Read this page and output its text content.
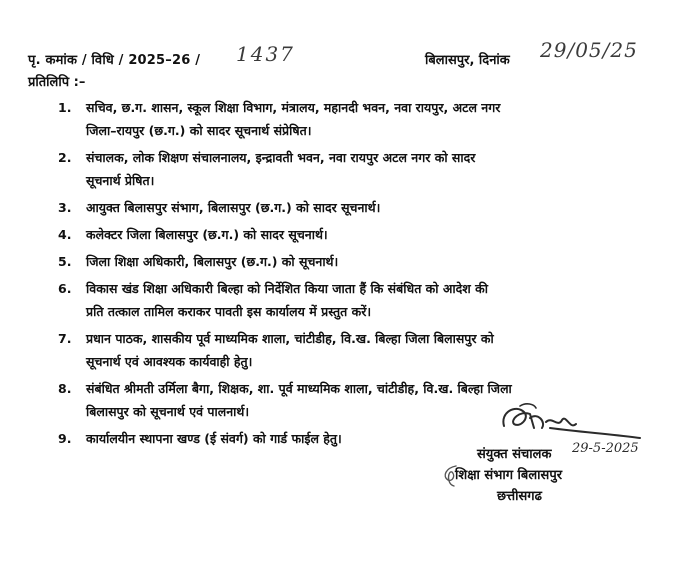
पृ. कमांक / विधि / 2025–26 / 1437	बिलासपुर, दिनांक 29/05/25
प्रतिलिपि :–
1.	सचिव, छ.ग. शासन, स्कूल शिक्षा विभाग, मंत्रालय, महानदी भवन, नवा रायपुर, अटल नगर
जिला–रायपुर (छ.ग.) को सादर सूचनार्थ संप्रेषित।
2.	संचालक, लोक शिक्षण संचालनालय, इन्द्रावती भवन, नवा रायपुर अटल नगर को सादर
सूचनार्थ प्रेषित।
3.	आयुक्त बिलासपुर संभाग, बिलासपुर (छ.ग.) को सादर सूचनार्थ।
4.	कलेक्टर जिला बिलासपुर (छ.ग.) को सादर सूचनार्थ।
5.	जिला शिक्षा अधिकारी, बिलासपुर (छ.ग.) को सूचनार्थ।
6.	विकास खंड शिक्षा अधिकारी बिल्हा को निर्देशित किया जाता हैं कि संबंधित को आदेश की
प्रति तत्काल तामिल कराकर पावती इस कार्यालय में प्रस्तुत करें।
7.	प्रधान पाठक, शासकीय पूर्व माध्यमिक शाला, चांटीडीह, वि.ख. बिल्हा जिला बिलासपुर को
सूचनार्थ एवं आवश्यक कार्यवाही हेतु।
8.	संबंधित श्रीमती उर्मिला बैगा, शिक्षक, शा. पूर्व माध्यमिक शाला, चांटीडीह, वि.ख. बिल्हा जिला
बिलासपुर को सूचनार्थ एवं पालनार्थ।
9.	कार्यालयीन स्थापना खण्ड (ई संवर्ग) को गार्ड फाईल हेतु।
29-5-2025
संयुक्त संचालक
शिक्षा संभाग बिलासपुर
छत्तीसगढ
